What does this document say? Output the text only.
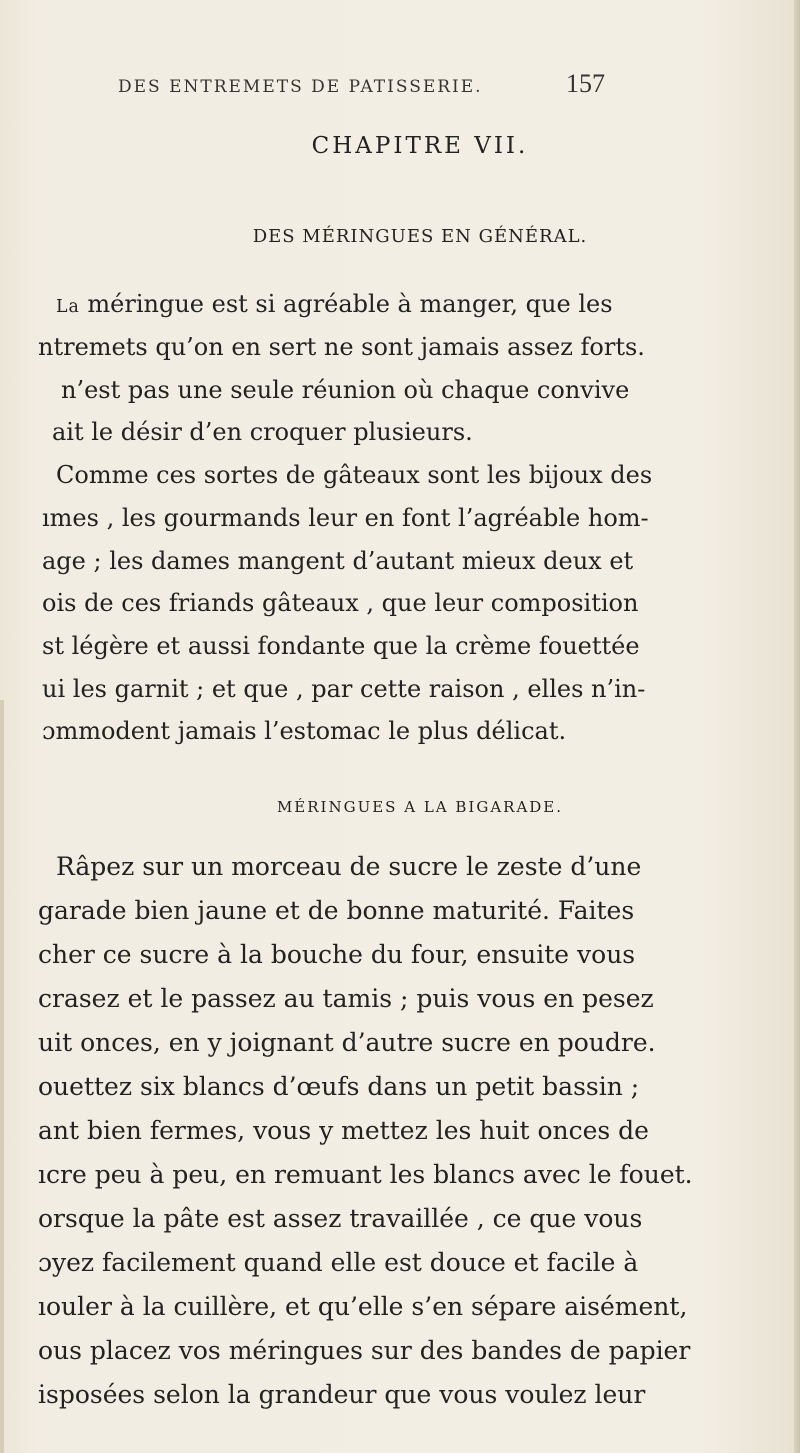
DES ENTREMETS DE PATISSERIE.	157
CHAPITRE VII.
DES MÉRINGUES EN GÉNÉRAL.
La méringue est si agréable à manger, que les
ntremets qu’on en sert ne sont jamais assez forts.
n’est pas une seule réunion où chaque convive
ait le désir d’en croquer plusieurs.
Comme ces sortes de gâteaux sont les bijoux des
ımes , les gourmands leur en font l’agréable hom-
age ; les dames mangent d’autant mieux deux et
ois de ces friands gâteaux , que leur composition
st légère et aussi fondante que la crème fouettée
ui les garnit ; et que , par cette raison , elles n’in-
ɔmmodent jamais l’estomac le plus délicat.
MÉRINGUES A LA BIGARADE.
Râpez sur un morceau de sucre le zeste d’une
garade bien jaune et de bonne maturité. Faites
cher ce sucre à la bouche du four, ensuite vous
crasez et le passez au tamis ; puis vous en pesez
uit onces, en y joignant d’autre sucre en poudre.
ouettez six blancs d’œufs dans un petit bassin ;
ant bien fermes, vous y mettez les huit onces de
ıcre peu à peu, en remuant les blancs avec le fouet.
orsque la pâte est assez travaillée , ce que vous
ɔyez facilement quand elle est douce et facile à
ıouler à la cuillère, et qu’elle s’en sépare aisément,
ous placez vos méringues sur des bandes de papier
isposées selon la grandeur que vous voulez leur
